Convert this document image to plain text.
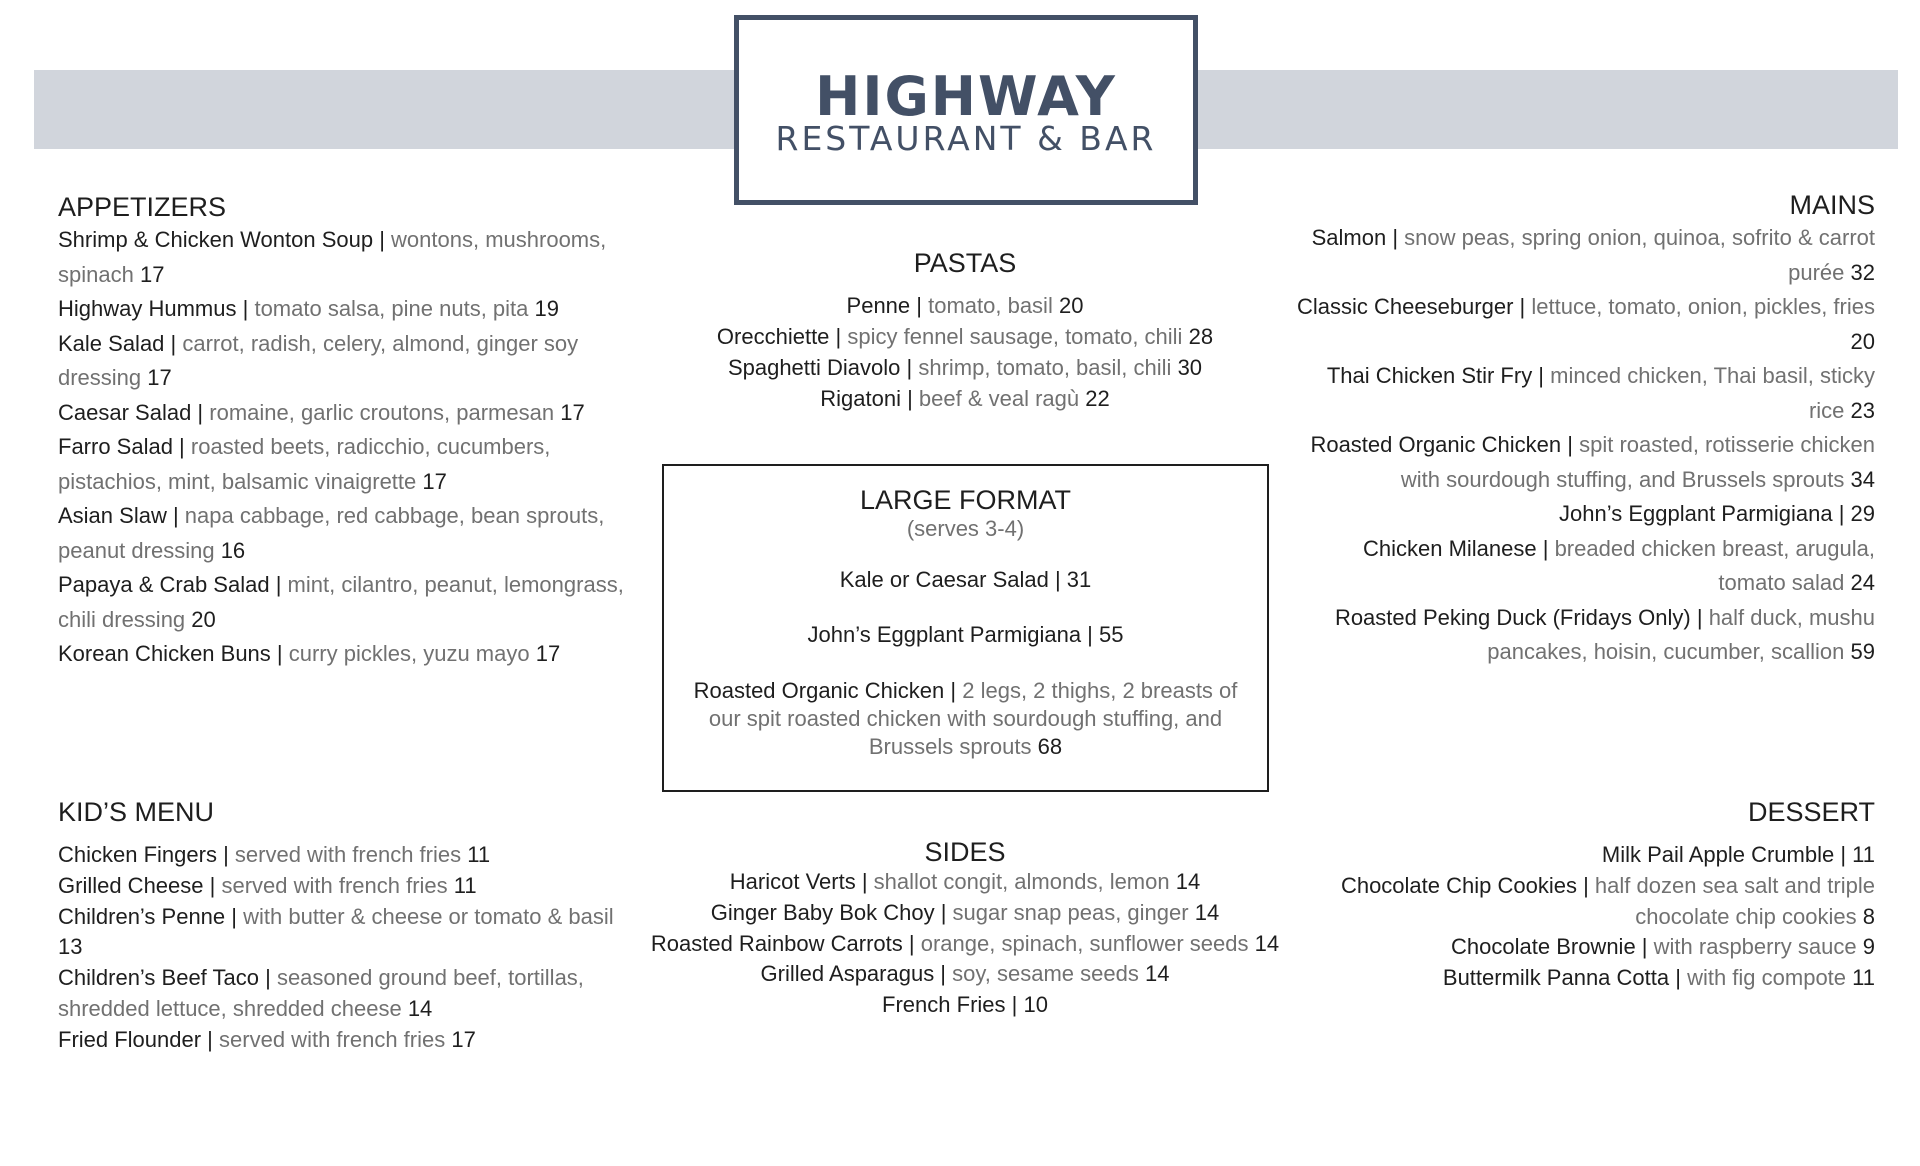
HIGHWAY
RESTAURANT & BAR
APPETIZERS
Shrimp & Chicken Wonton Soup | wontons, mushrooms, spinach 17
Highway Hummus | tomato salsa, pine nuts, pita 19
Kale Salad | carrot, radish, celery, almond, ginger soy dressing 17
Caesar Salad | romaine, garlic croutons, parmesan 17
Farro Salad | roasted beets, radicchio, cucumbers, pistachios, mint, balsamic vinaigrette 17
Asian Slaw | napa cabbage, red cabbage, bean sprouts, peanut dressing 16
Papaya & Crab Salad | mint, cilantro, peanut, lemongrass, chili dressing 20
Korean Chicken Buns | curry pickles, yuzu mayo 17
PASTAS
Penne | tomato, basil 20
Orecchiette | spicy fennel sausage, tomato, chili 28
Spaghetti Diavolo | shrimp, tomato, basil, chili 30
Rigatoni | beef & veal ragù 22
LARGE FORMAT
(serves 3-4)
Kale or Caesar Salad | 31
John’s Eggplant Parmigiana | 55
Roasted Organic Chicken | 2 legs, 2 thighs, 2 breasts of our spit roasted chicken with sourdough stuffing, and Brussels sprouts 68
MAINS
Salmon | snow peas, spring onion, quinoa, sofrito & carrot purée 32
Classic Cheeseburger | lettuce, tomato, onion, pickles, fries 20
Thai Chicken Stir Fry | minced chicken, Thai basil, sticky rice 23
Roasted Organic Chicken | spit roasted, rotisserie chicken with sourdough stuffing, and Brussels sprouts 34
John’s Eggplant Parmigiana | 29
Chicken Milanese | breaded chicken breast, arugula, tomato salad 24
Roasted Peking Duck (Fridays Only) | half duck, mushu pancakes, hoisin, cucumber, scallion 59
KID’S MENU
Chicken Fingers | served with french fries 11
Grilled Cheese | served with french fries 11
Children’s Penne | with butter & cheese or tomato & basil 13
Children’s Beef Taco | seasoned ground beef, tortillas, shredded lettuce, shredded cheese 14
Fried Flounder | served with french fries 17
SIDES
Haricot Verts | shallot congit, almonds, lemon 14
Ginger Baby Bok Choy | sugar snap peas, ginger 14
Roasted Rainbow Carrots | orange, spinach, sunflower seeds 14
Grilled Asparagus | soy, sesame seeds 14
French Fries | 10
DESSERT
Milk Pail Apple Crumble | 11
Chocolate Chip Cookies | half dozen sea salt and triple chocolate chip cookies 8
Chocolate Brownie | with raspberry sauce 9
Buttermilk Panna Cotta | with fig compote 11
